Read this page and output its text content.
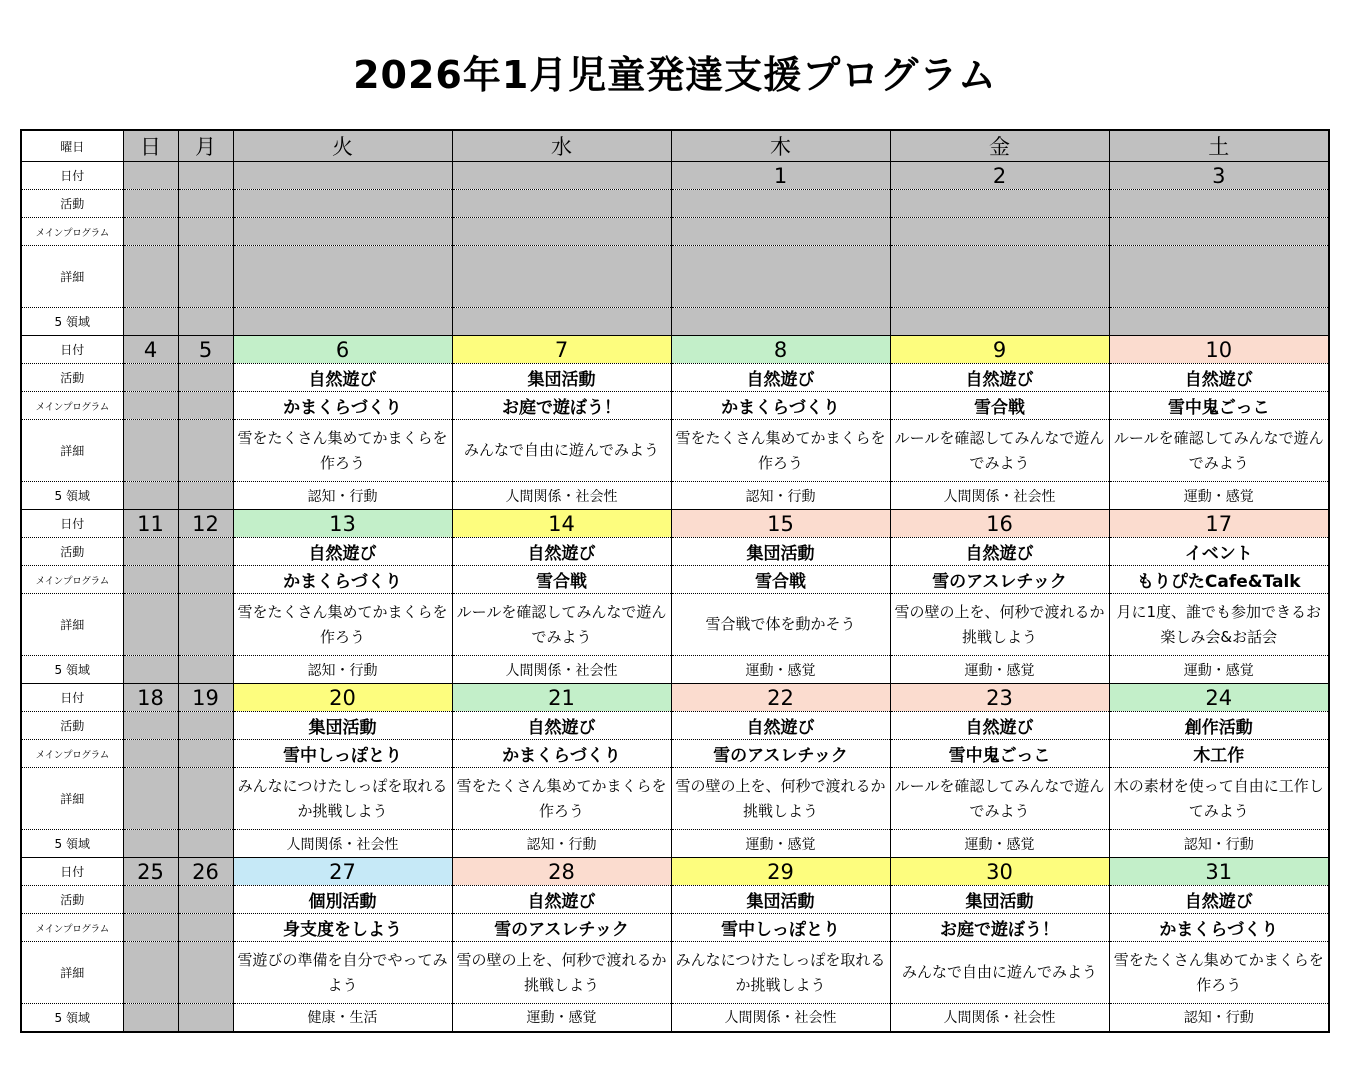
2026年1月児童発達支援プログラム
曜日	日	月	火	水	木	金	土
日付					1	2	3
活動							
メインプログラム							
詳細							
5 領域							
日付	4	5	6	7	8	9	10
活動			自然遊び	集団活動	自然遊び	自然遊び	自然遊び
メインプログラム			かまくらづくり	お庭で遊ぼう！	かまくらづくり	雪合戦	雪中鬼ごっこ
詳細			雪をたくさん集めてかまくらを作ろう	みんなで自由に遊んでみよう	雪をたくさん集めてかまくらを作ろう	ルールを確認してみんなで遊んでみよう	ルールを確認してみんなで遊んでみよう
5 領域			認知・行動	人間関係・社会性	認知・行動	人間関係・社会性	運動・感覚
日付	11	12	13	14	15	16	17
活動			自然遊び	自然遊び	集団活動	自然遊び	イベント
メインプログラム			かまくらづくり	雪合戦	雪合戦	雪のアスレチック	もりぴたCafe&Talk
詳細			雪をたくさん集めてかまくらを作ろう	ルールを確認してみんなで遊んでみよう	雪合戦で体を動かそう	雪の壁の上を、何秒で渡れるか挑戦しよう	月に1度、誰でも参加できるお楽しみ会&お話会
5 領域			認知・行動	人間関係・社会性	運動・感覚	運動・感覚	運動・感覚
日付	18	19	20	21	22	23	24
活動			集団活動	自然遊び	自然遊び	自然遊び	創作活動
メインプログラム			雪中しっぽとり	かまくらづくり	雪のアスレチック	雪中鬼ごっこ	木工作
詳細			みんなにつけたしっぽを取れるか挑戦しよう	雪をたくさん集めてかまくらを作ろう	雪の壁の上を、何秒で渡れるか挑戦しよう	ルールを確認してみんなで遊んでみよう	木の素材を使って自由に工作してみよう
5 領域			人間関係・社会性	認知・行動	運動・感覚	運動・感覚	認知・行動
日付	25	26	27	28	29	30	31
活動			個別活動	自然遊び	集団活動	集団活動	自然遊び
メインプログラム			身支度をしよう	雪のアスレチック	雪中しっぽとり	お庭で遊ぼう！	かまくらづくり
詳細			雪遊びの準備を自分でやってみよう	雪の壁の上を、何秒で渡れるか挑戦しよう	みんなにつけたしっぽを取れるか挑戦しよう	みんなで自由に遊んでみよう	雪をたくさん集めてかまくらを作ろう
5 領域			健康・生活	運動・感覚	人間関係・社会性	人間関係・社会性	認知・行動
